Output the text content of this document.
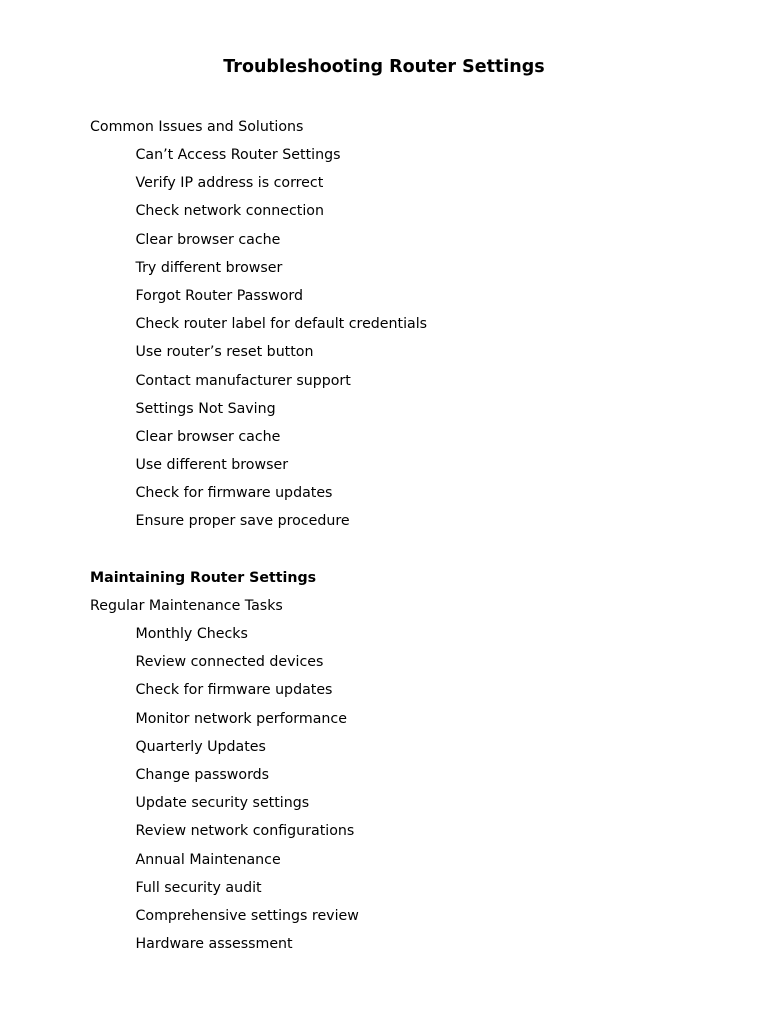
Troubleshooting Router Settings
Common Issues and Solutions
Can’t Access Router Settings
Verify IP address is correct
Check network connection
Clear browser cache
Try different browser
Forgot Router Password
Check router label for default credentials
Use router’s reset button
Contact manufacturer support
Settings Not Saving
Clear browser cache
Use different browser
Check for firmware updates
Ensure proper save procedure
Maintaining Router Settings
Regular Maintenance Tasks
Monthly Checks
Review connected devices
Check for firmware updates
Monitor network performance
Quarterly Updates
Change passwords
Update security settings
Review network configurations
Annual Maintenance
Full security audit
Comprehensive settings review
Hardware assessment
